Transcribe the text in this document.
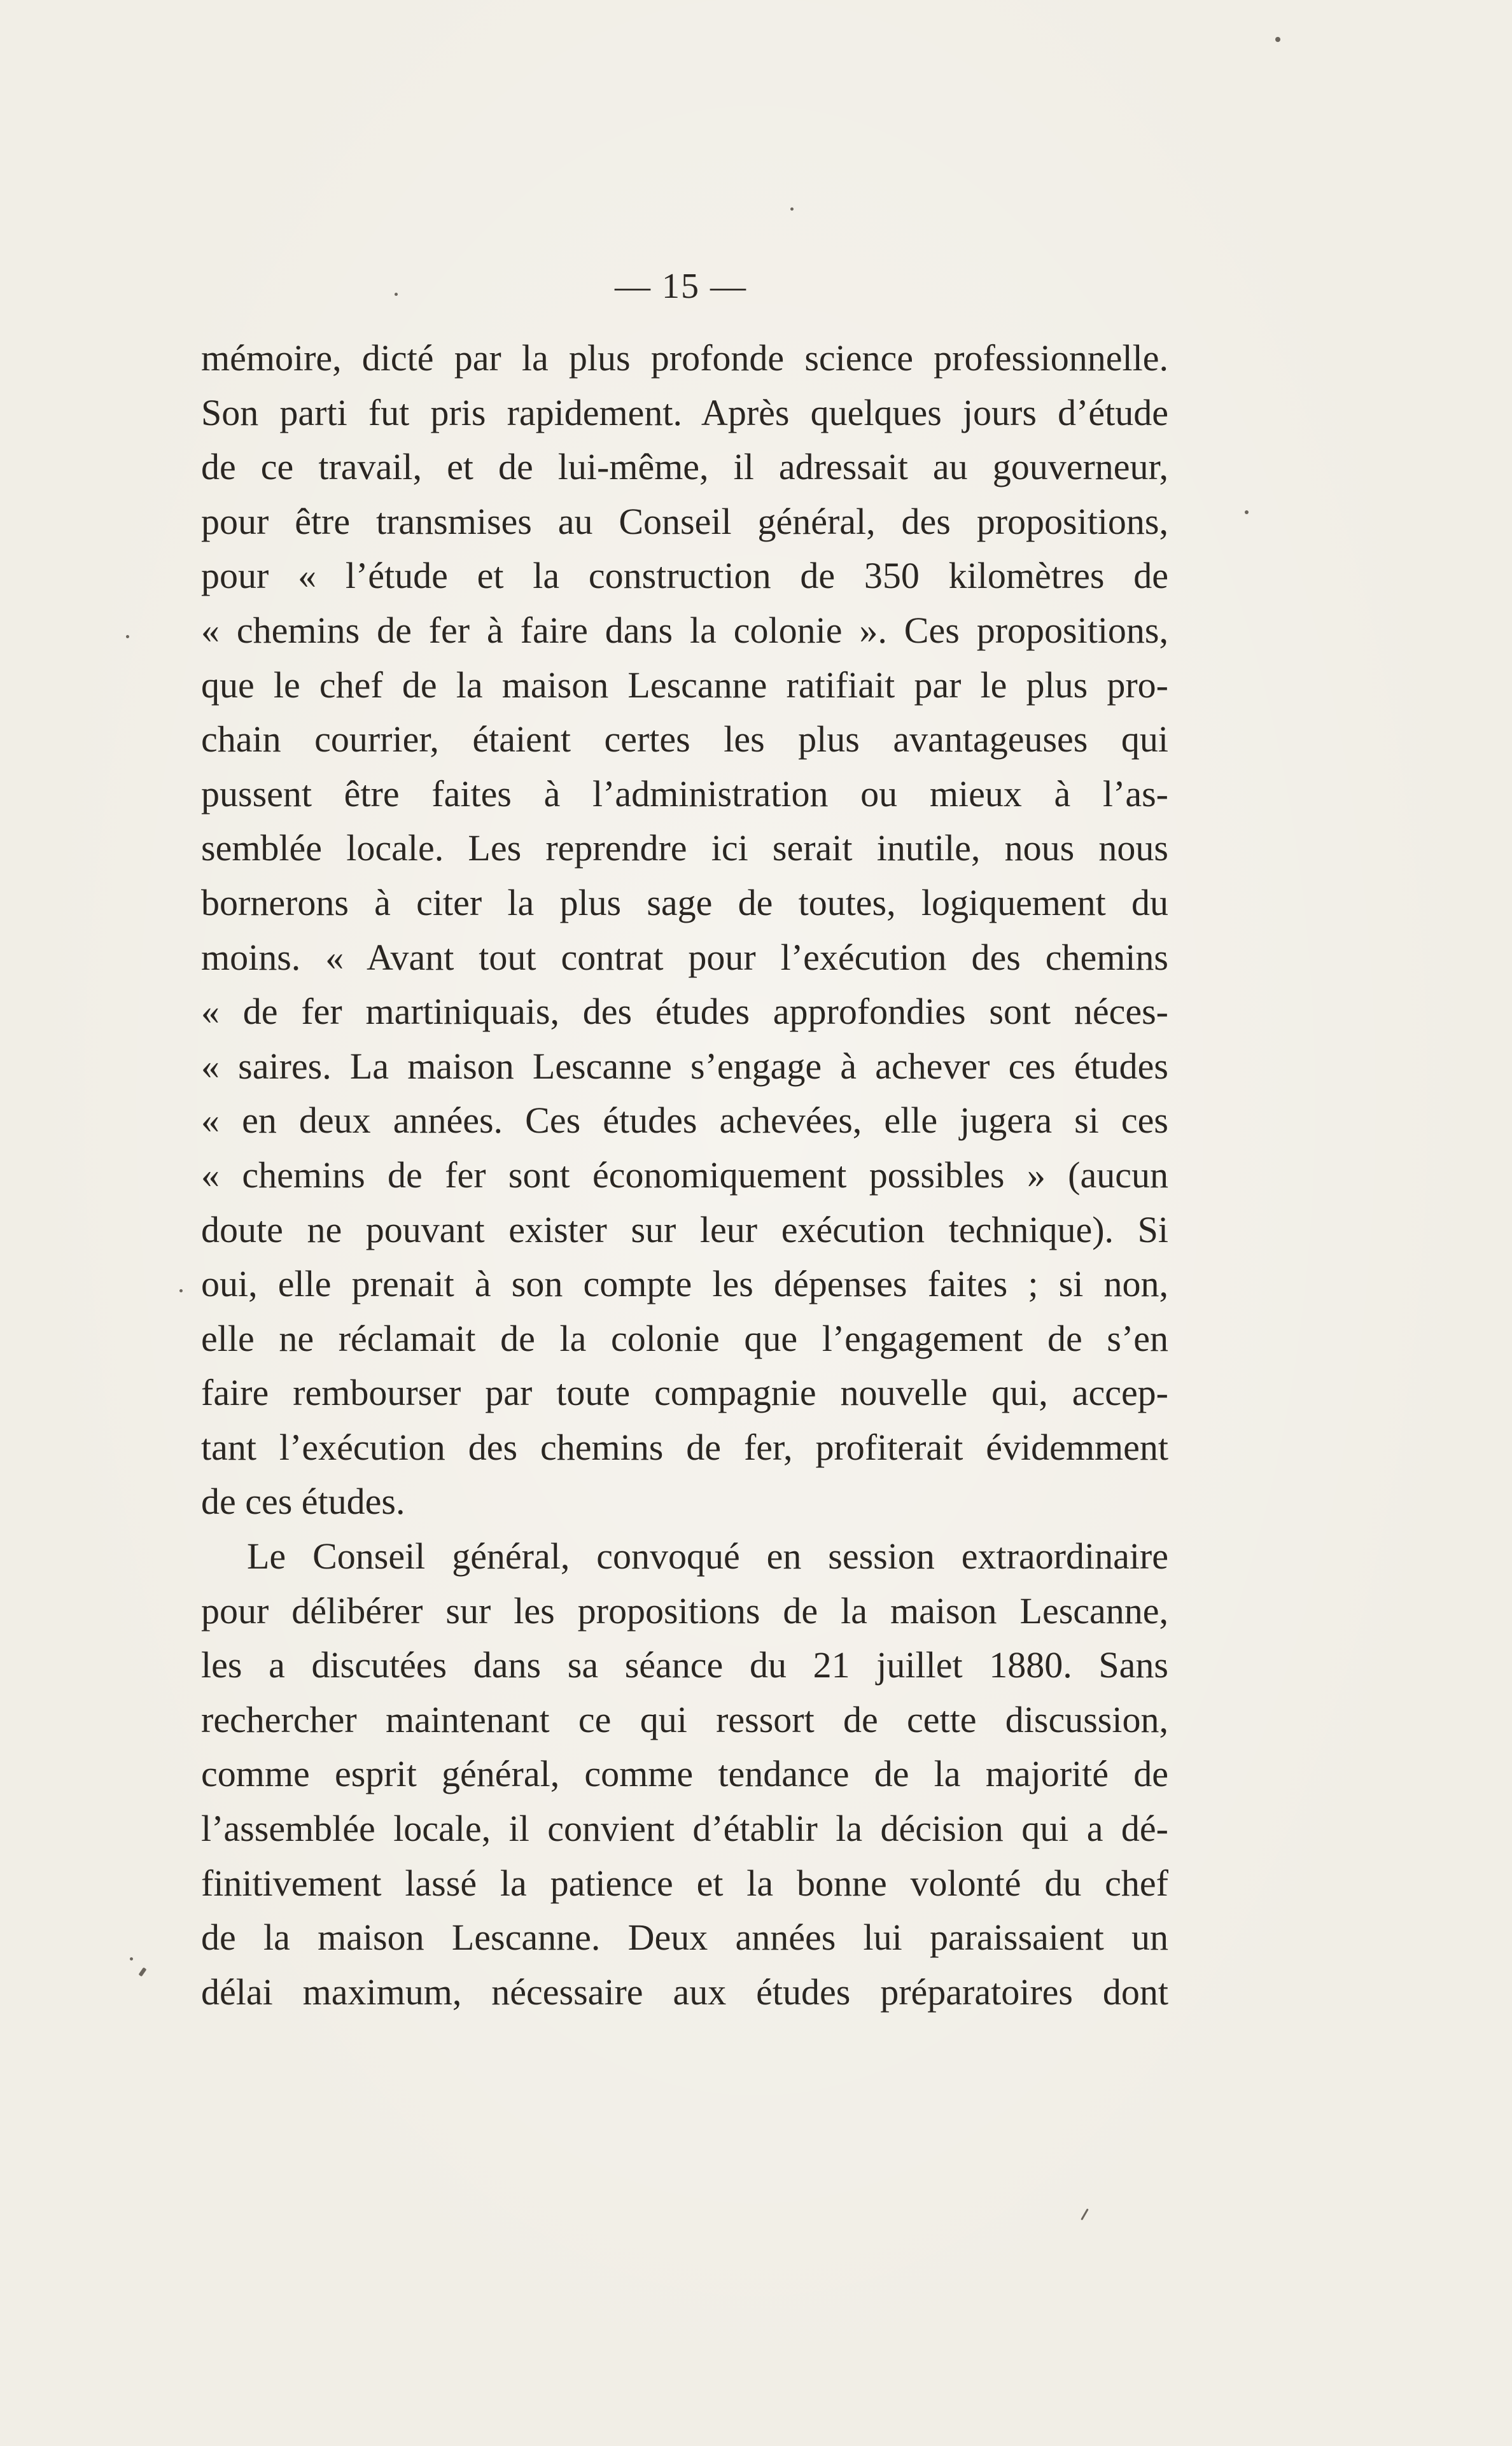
— 15 —
mémoire, dicté par la plus profonde science professionnelle.
Son parti fut pris rapidement. Après quelques jours d’étude
de ce travail, et de lui-même, il adressait au gouverneur,
pour être transmises au Conseil général, des propositions,
pour « l’étude et la construction de 350 kilomètres de
« chemins de fer à faire dans la colonie ». Ces propositions,
que le chef de la maison Lescanne ratifiait par le plus pro-
chain courrier, étaient certes les plus avantageuses qui
pussent être faites à l’administration ou mieux à l’as-
semblée locale. Les reprendre ici serait inutile, nous nous
bornerons à citer la plus sage de toutes, logiquement du
moins. « Avant tout contrat pour l’exécution des chemins
« de fer martiniquais, des études approfondies sont néces-
« saires. La maison Lescanne s’engage à achever ces études
« en deux années. Ces études achevées, elle jugera si ces
« chemins de fer sont économiquement possibles » (aucun
doute ne pouvant exister sur leur exécution technique). Si
oui, elle prenait à son compte les dépenses faites ; si non,
elle ne réclamait de la colonie que l’engagement de s’en
faire rembourser par toute compagnie nouvelle qui, accep-
tant l’exécution des chemins de fer, profiterait évidemment
de ces études.
Le Conseil général, convoqué en session extraordinaire
pour délibérer sur les propositions de la maison Lescanne,
les a discutées dans sa séance du 21 juillet 1880. Sans
rechercher maintenant ce qui ressort de cette discussion,
comme esprit général, comme tendance de la majorité de
l’assemblée locale, il convient d’établir la décision qui a dé-
finitivement lassé la patience et la bonne volonté du chef
de la maison Lescanne. Deux années lui paraissaient un
délai maximum, nécessaire aux études préparatoires dont
